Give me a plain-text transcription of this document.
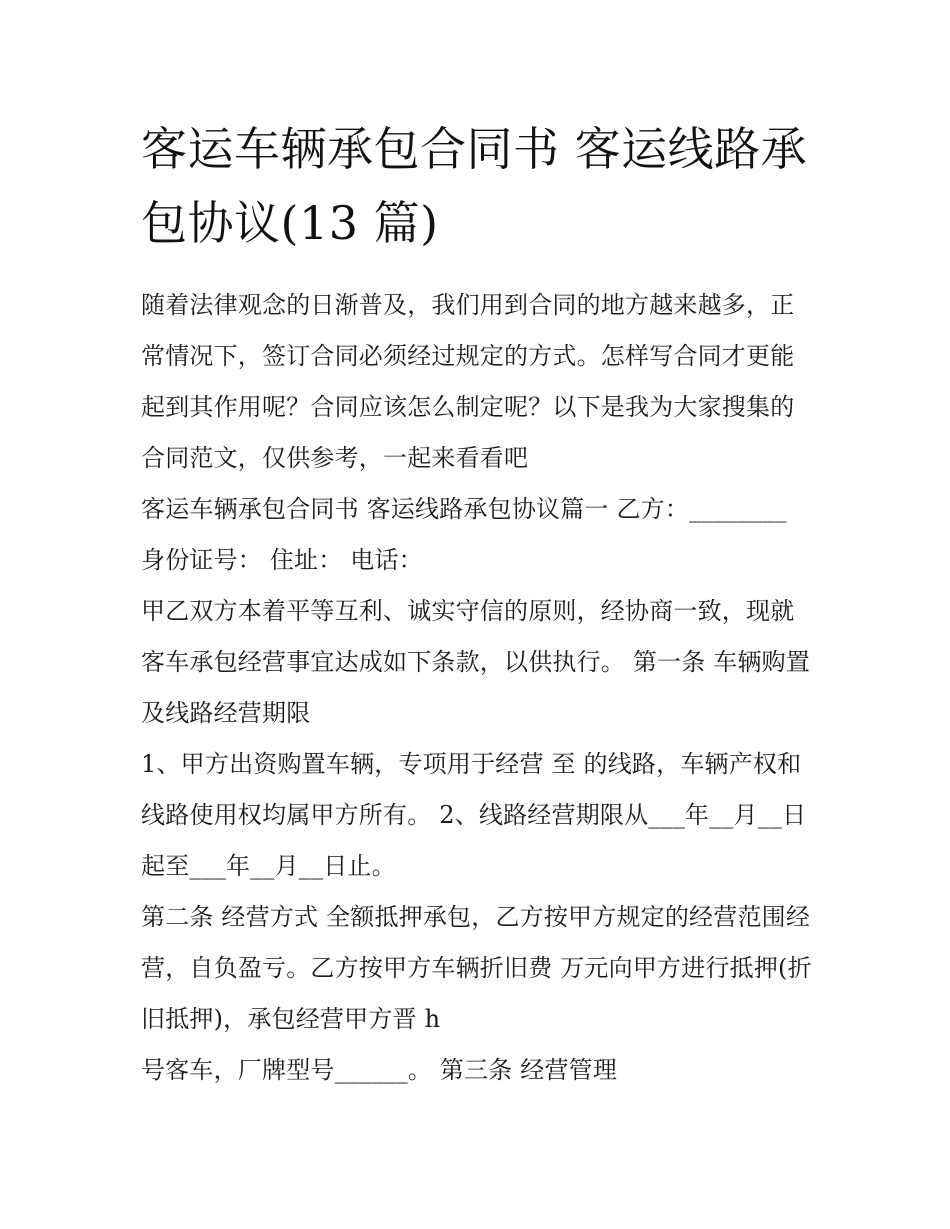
客运车辆承包合同书 客运线路承包协议(13 篇)

随着法律观念的日渐普及，我们用到合同的地方越来越多，正常情况下，签订合同必须经过规定的方式。怎样写合同才更能起到其作用呢？合同应该怎么制定呢？以下是我为大家搜集的合同范文，仅供参考，一起来看看吧

客运车辆承包合同书 客运线路承包协议篇一 乙方：________

身份证号： 住址： 电话：

甲乙双方本着平等互利、诚实守信的原则，经协商一致，现就客车承包经营事宜达成如下条款，以供执行。 第一条 车辆购置及线路经营期限

1、甲方出资购置车辆，专项用于经营 至 的线路，车辆产权和线路使用权均属甲方所有。 2、线路经营期限从___年__月__日起至___年__月__日止。

第二条 经营方式 全额抵押承包，乙方按甲方规定的经营范围经营，自负盈亏。乙方按甲方车辆折旧费 万元向甲方进行抵押(折旧抵押)，承包经营甲方晋 h

号客车，厂牌型号______。 第三条 经营管理
